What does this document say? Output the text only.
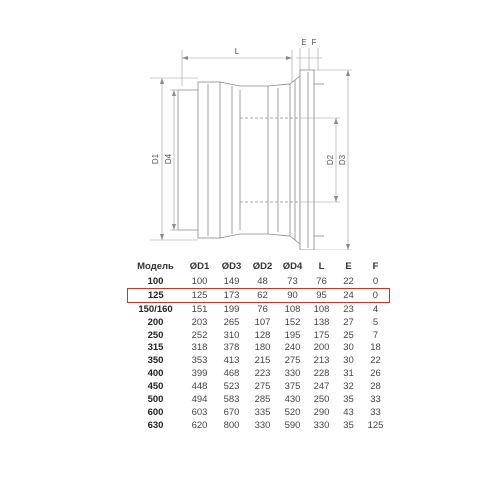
L
E F
D1 D4	D2 D3
Модель	ØD1	ØD3	ØD2	ØD4	L	E	F
100	100	149	48	73	76	22	0
125	125	173	62	90	95	24	0
150/160	151	199	76	108	108	23	4
200	203	265	107	152	138	27	5
250	252	310	128	195	175	25	7
315	318	378	180	240	200	30	18
350	353	413	215	275	213	30	22
400	399	468	223	330	228	31	26
450	448	523	275	375	247	32	28
500	494	583	285	430	250	35	33
600	603	670	335	520	290	43	33
630	620	800	330	590	330	35	125
